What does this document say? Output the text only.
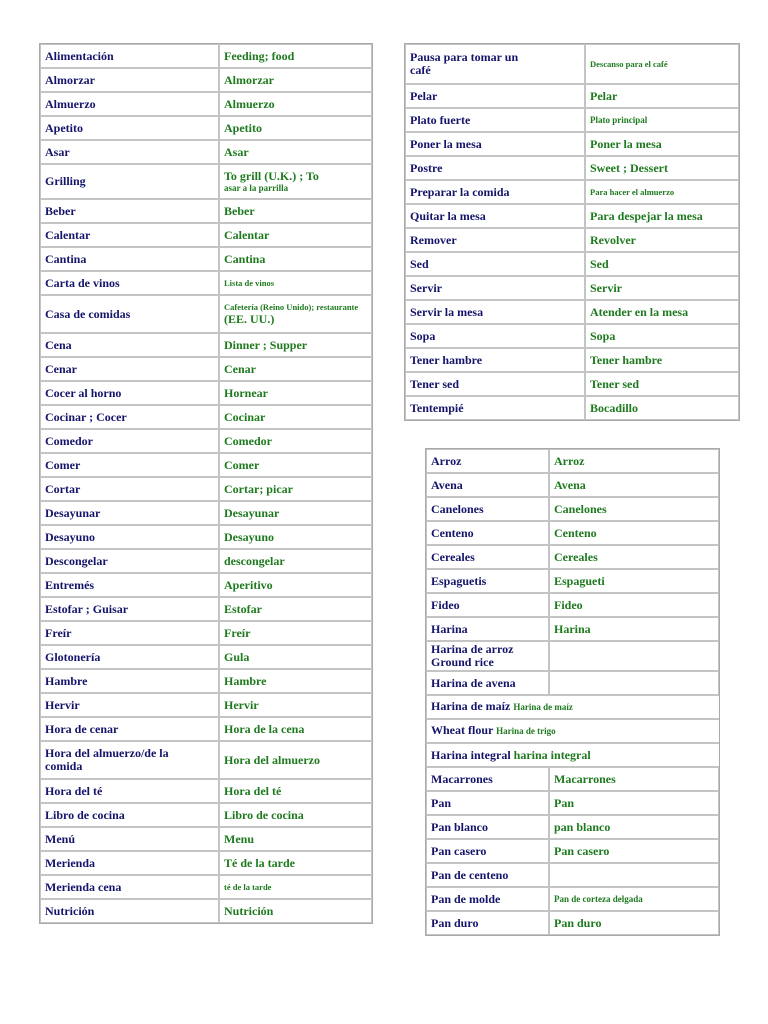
Alimentación	Feeding; food
Almorzar	Almorzar
Almuerzo	Almuerzo
Apetito	Apetito
Asar	Asar
Grilling	To grill (U.K.) ; To
asar a la parrilla

Beber	Beber
Calentar	Calentar
Cantina	Cantina
Carta de vinos	Lista de vinos

Casa de comidas	Cafetería (Reino Unido); restaurante
(EE. UU.)

Cena	Dinner ; Supper
Cenar	Cenar
Cocer al horno	Hornear
Cocinar ; Cocer	Cocinar
Comedor	Comedor
Comer	Comer
Cortar	Cortar; picar
Desayunar	Desayunar
Desayuno	Desayuno
Descongelar	descongelar
Entremés	Aperitivo
Estofar ; Guisar	Estofar
Freír	Freír
Glotonería	Gula
Hambre	Hambre
Hervir	Hervir
Hora de cenar	Hora de la cena
Hora del almuerzo/de la
comida	Hora del almuerzo
Hora del té	Hora del té
Libro de cocina	Libro de cocina
Menú	Menu
Merienda	Té de la tarde
Merienda cena	té de la tarde

Nutrición	Nutrición
Pausa para tomar un
café	Descanso para el café

Pelar	Pelar
Plato fuerte	Plato principal

Poner la mesa	Poner la mesa
Postre	Sweet ; Dessert
Preparar la comida	Para hacer el almuerzo

Quitar la mesa	Para despejar la mesa
Remover	Revolver
Sed	Sed
Servir	Servir
Servir la mesa	Atender en la mesa
Sopa	Sopa
Tener hambre	Tener hambre
Tener sed	Tener sed
Tentempié	Bocadillo
Arroz	Arroz
Avena	Avena
Canelones	Canelones
Centeno	Centeno
Cereales	Cereales
Espaguetis	Espagueti
Fideo	Fideo
Harina	Harina
Harina de arroz Ground rice	
Harina de avena	
Harina de maíz Harina de maíz	
Wheat flour Harina de trigo	
Harina integral harina integral	
Macarrones	Macarrones
Pan	Pan
Pan blanco	pan blanco
Pan casero	Pan casero
Pan de centeno	
Pan de molde	Pan de corteza delgada

Pan duro	Pan duro
